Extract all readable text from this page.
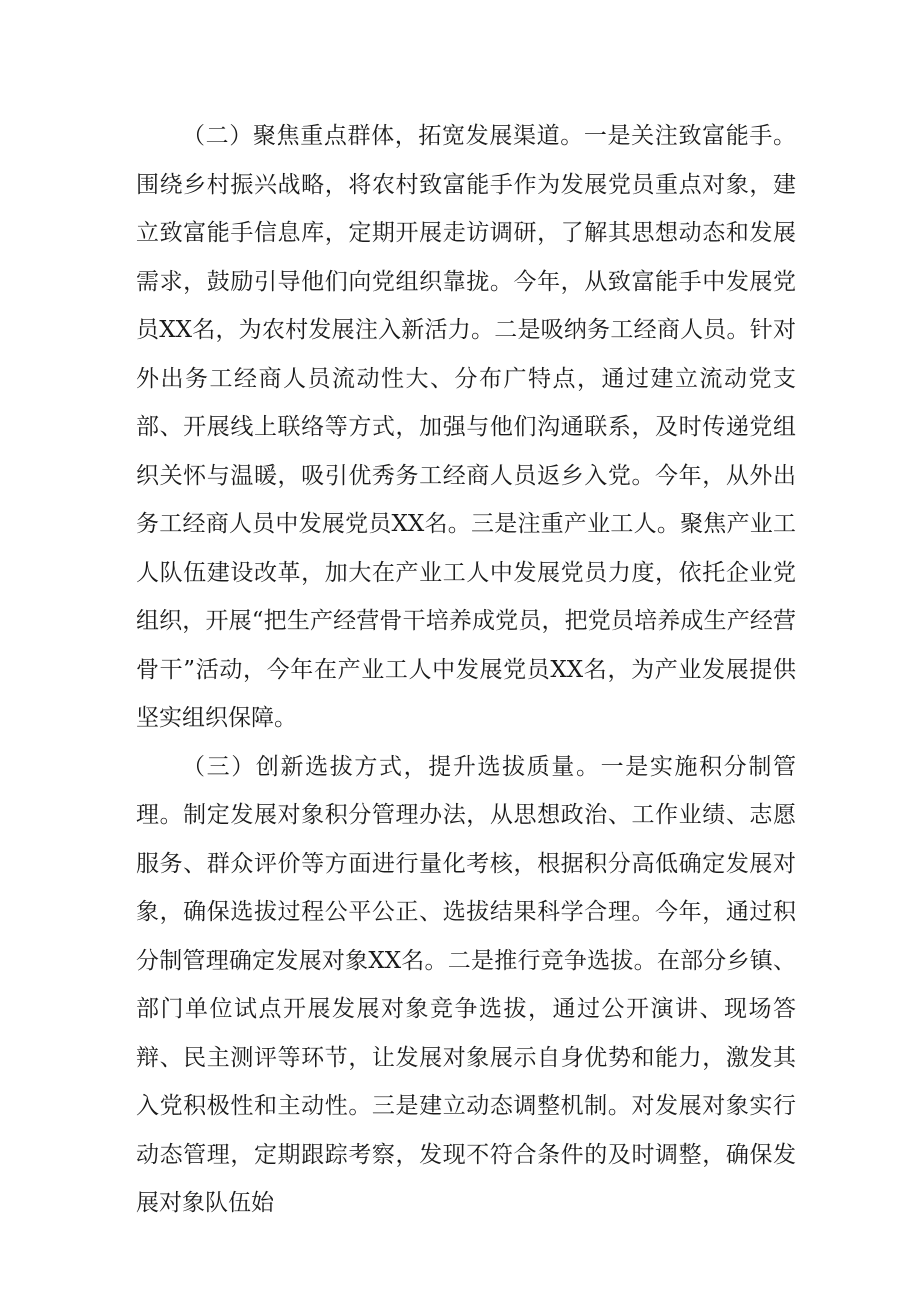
（二）聚焦重点群体，拓宽发展渠道。一是关注致富能手。围绕乡村振兴战略，将农村致富能手作为发展党员重点对象，建立致富能手信息库，定期开展走访调研，了解其思想动态和发展需求，鼓励引导他们向党组织靠拢。今年，从致富能手中发展党员XX名，为农村发展注入新活力。二是吸纳务工经商人员。针对外出务工经商人员流动性大、分布广特点，通过建立流动党支部、开展线上联络等方式，加强与他们沟通联系，及时传递党组织关怀与温暖，吸引优秀务工经商人员返乡入党。今年，从外出务工经商人员中发展党员XX名。三是注重产业工人。聚焦产业工人队伍建设改革，加大在产业工人中发展党员力度，依托企业党组织，开展“把生产经营骨干培养成党员，把党员培养成生产经营骨干”活动，今年在产业工人中发展党员XX名，为产业发展提供坚实组织保障。

（三）创新选拔方式，提升选拔质量。一是实施积分制管理。制定发展对象积分管理办法，从思想政治、工作业绩、志愿服务、群众评价等方面进行量化考核，根据积分高低确定发展对象，确保选拔过程公平公正、选拔结果科学合理。今年，通过积分制管理确定发展对象XX名。二是推行竞争选拔。在部分乡镇、部门单位试点开展发展对象竞争选拔，通过公开演讲、现场答辩、民主测评等环节，让发展对象展示自身优势和能力，激发其入党积极性和主动性。三是建立动态调整机制。对发展对象实行动态管理，定期跟踪考察，发现不符合条件的及时调整，确保发展对象队伍始
